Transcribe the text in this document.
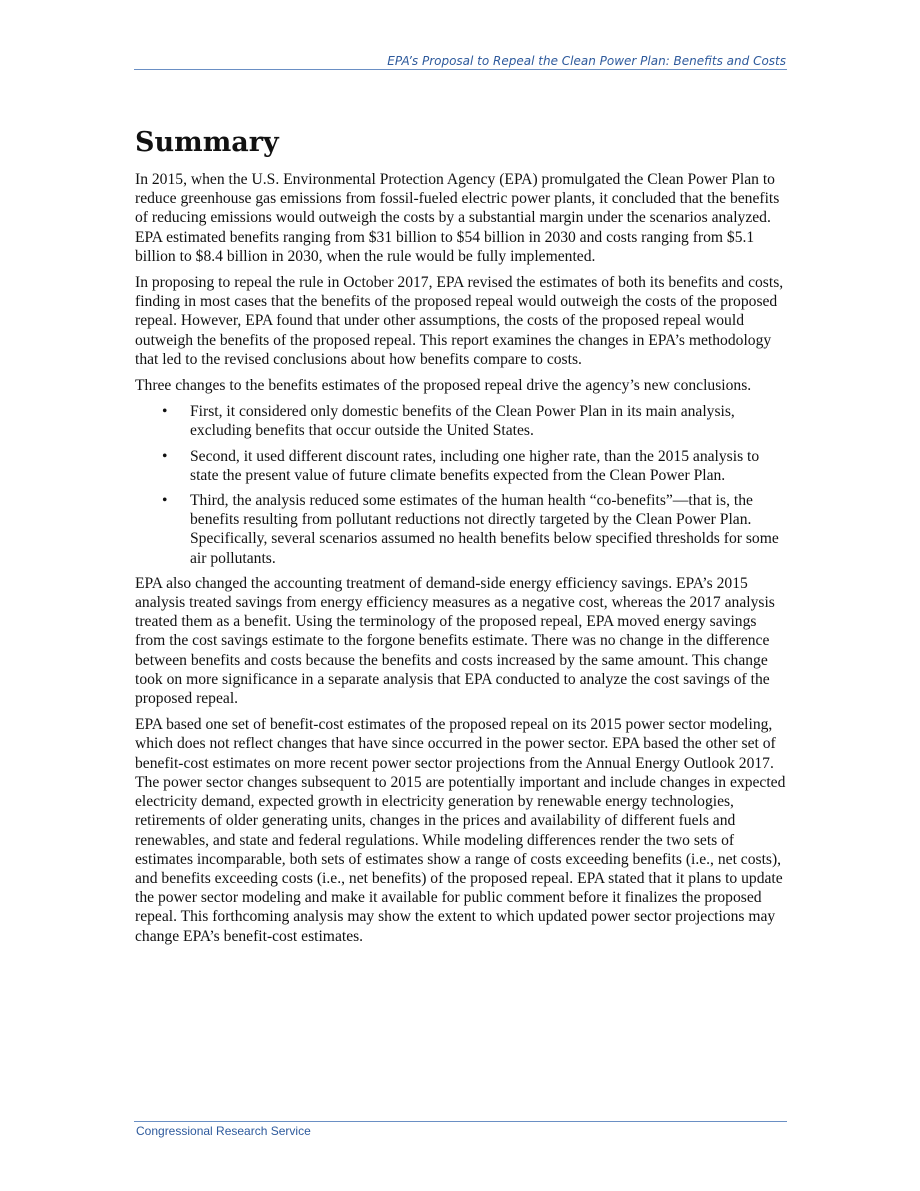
EPA’s Proposal to Repeal the Clean Power Plan: Benefits and Costs
Summary

In 2015, when the U.S. Environmental Protection Agency (EPA) promulgated the Clean Power Plan to reduce greenhouse gas emissions from fossil-fueled electric power plants, it concluded that the benefits of reducing emissions would outweigh the costs by a substantial margin under the scenarios analyzed. EPA estimated benefits ranging from $31 billion to $54 billion in 2030 and costs ranging from $5.1 billion to $8.4 billion in 2030, when the rule would be fully implemented.

In proposing to repeal the rule in October 2017, EPA revised the estimates of both its benefits and costs, finding in most cases that the benefits of the proposed repeal would outweigh the costs of the proposed repeal. However, EPA found that under other assumptions, the costs of the proposed repeal would outweigh the benefits of the proposed repeal. This report examines the changes in EPA’s methodology that led to the revised conclusions about how benefits compare to costs.

Three changes to the benefits estimates of the proposed repeal drive the agency’s new conclusions.

• First, it considered only domestic benefits of the Clean Power Plan in its main analysis, excluding benefits that occur outside the United States.
• Second, it used different discount rates, including one higher rate, than the 2015 analysis to state the present value of future climate benefits expected from the Clean Power Plan.
• Third, the analysis reduced some estimates of the human health “co-benefits”—that is, the benefits resulting from pollutant reductions not directly targeted by the Clean Power Plan. Specifically, several scenarios assumed no health benefits below specified thresholds for some air pollutants.

EPA also changed the accounting treatment of demand-side energy efficiency savings. EPA’s 2015 analysis treated savings from energy efficiency measures as a negative cost, whereas the 2017 analysis treated them as a benefit. Using the terminology of the proposed repeal, EPA moved energy savings from the cost savings estimate to the forgone benefits estimate. There was no change in the difference between benefits and costs because the benefits and costs increased by the same amount. This change took on more significance in a separate analysis that EPA conducted to analyze the cost savings of the proposed repeal.

EPA based one set of benefit-cost estimates of the proposed repeal on its 2015 power sector modeling, which does not reflect changes that have since occurred in the power sector. EPA based the other set of benefit-cost estimates on more recent power sector projections from the Annual Energy Outlook 2017. The power sector changes subsequent to 2015 are potentially important and include changes in expected electricity demand, expected growth in electricity generation by renewable energy technologies, retirements of older generating units, changes in the prices and availability of different fuels and renewables, and state and federal regulations. While modeling differences render the two sets of estimates incomparable, both sets of estimates show a range of costs exceeding benefits (i.e., net costs), and benefits exceeding costs (i.e., net benefits) of the proposed repeal. EPA stated that it plans to update the power sector modeling and make it available for public comment before it finalizes the proposed repeal. This forthcoming analysis may show the extent to which updated power sector projections may change EPA’s benefit-cost estimates.

Congressional Research Service
